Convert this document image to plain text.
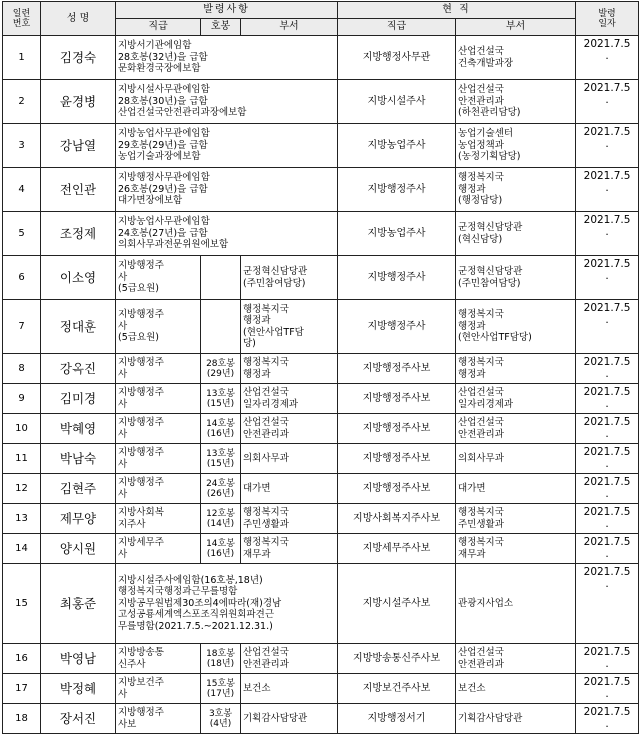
일련
번호	성 명	발령사항			현 직		발령
일자
		직급	호봉	부서	직급	부서	
1	김경숙	지방서기관에임함
28호봉(32년)을 급함
문화환경국장에보함			지방행정사무관	산업건설국
건축개발과장	2021.7.5
.
2	윤경병	지방시설사무관에임함
28호봉(30년)을 급함
산업건설국안전관리과장에보함			지방시설주사	산업건설국
안전관리과
(하천관리담당)	2021.7.5
.
3	강남열	지방농업사무관에임함
29호봉(29년)을 급함
농업기술과장에보함			지방농업주사	농업기술센터
농업정책과
(농정기획담당)	2021.7.5
.
4	전인관	지방행정사무관에임함
26호봉(29년)을 급함
대가면장에보함			지방행정주사	행정복지국
행정과
(행정담당)	2021.7.5
.
5	조정제	지방농업사무관에임함
24호봉(27년)을 급함
의회사무과전문위원에보함			지방농업주사	군정혁신담당관
(혁신담당)	2021.7.5
.
6	이소영	지방행정주
사
(5급요원)		군정혁신담당관
(주민참여담당)	지방행정주사	군정혁신담당관
(주민참여담당)	2021.7.5
.
7	정대훈	지방행정주
사
(5급요원)		행정복지국
행정과
(현안사업TF담
당)	지방행정주사	행정복지국
행정과
(현안사업TF담당)	2021.7.5
.
8	강옥진	지방행정주
사	28호봉
(29년)	행정복지국
행정과	지방행정주사보	행정복지국
행정과	2021.7.5
.
9	김미경	지방행정주
사	13호봉
(15년)	산업건설국
일자리경제과	지방행정주사보	산업건설국
일자리경제과	2021.7.5
.
10	박혜영	지방행정주
사	14호봉
(16년)	산업건설국
안전관리과	지방행정주사보	산업건설국
안전관리과	2021.7.5
.
11	박남숙	지방행정주
사	13호봉
(15년)	의회사무과	지방행정주사보	의회사무과	2021.7.5
.
12	김현주	지방행정주
사	24호봉
(26년)	대가면	지방행정주사보	대가면	2021.7.5
.
13	제무양	지방사회복
지주사	12호봉
(14년)	행정복지국
주민생활과	지방사회복지주사보	행정복지국
주민생활과	2021.7.5
.
14	양시원	지방세무주
사	14호봉
(16년)	행정복지국
재무과	지방세무주사보	행정복지국
재무과	2021.7.5
.
15	최홍준	지방시설주사에임함(16호봉,18년)
행정복지국행정과근무를명함
지방공무원법제30조의4에따라(재)경남
고성공룡세계엑스포조직위원회파견근
무를명함(2021.7.5.~2021.12.31.)			지방시설주사보	관광지사업소	2021.7.5
.
16	박영남	지방방송통
신주사	18호봉
(18년)	산업건설국
안전관리과	지방방송통신주사보	산업건설국
안전관리과	2021.7.5
.
17	박정혜	지방보건주
사	15호봉
(17년)	보건소	지방보건주사보	보건소	2021.7.5
.
18	장서진	지방행정주
사보	3호봉
(4년)	기획감사담당관	지방행정서기	기획감사담당관	2021.7.5
.
